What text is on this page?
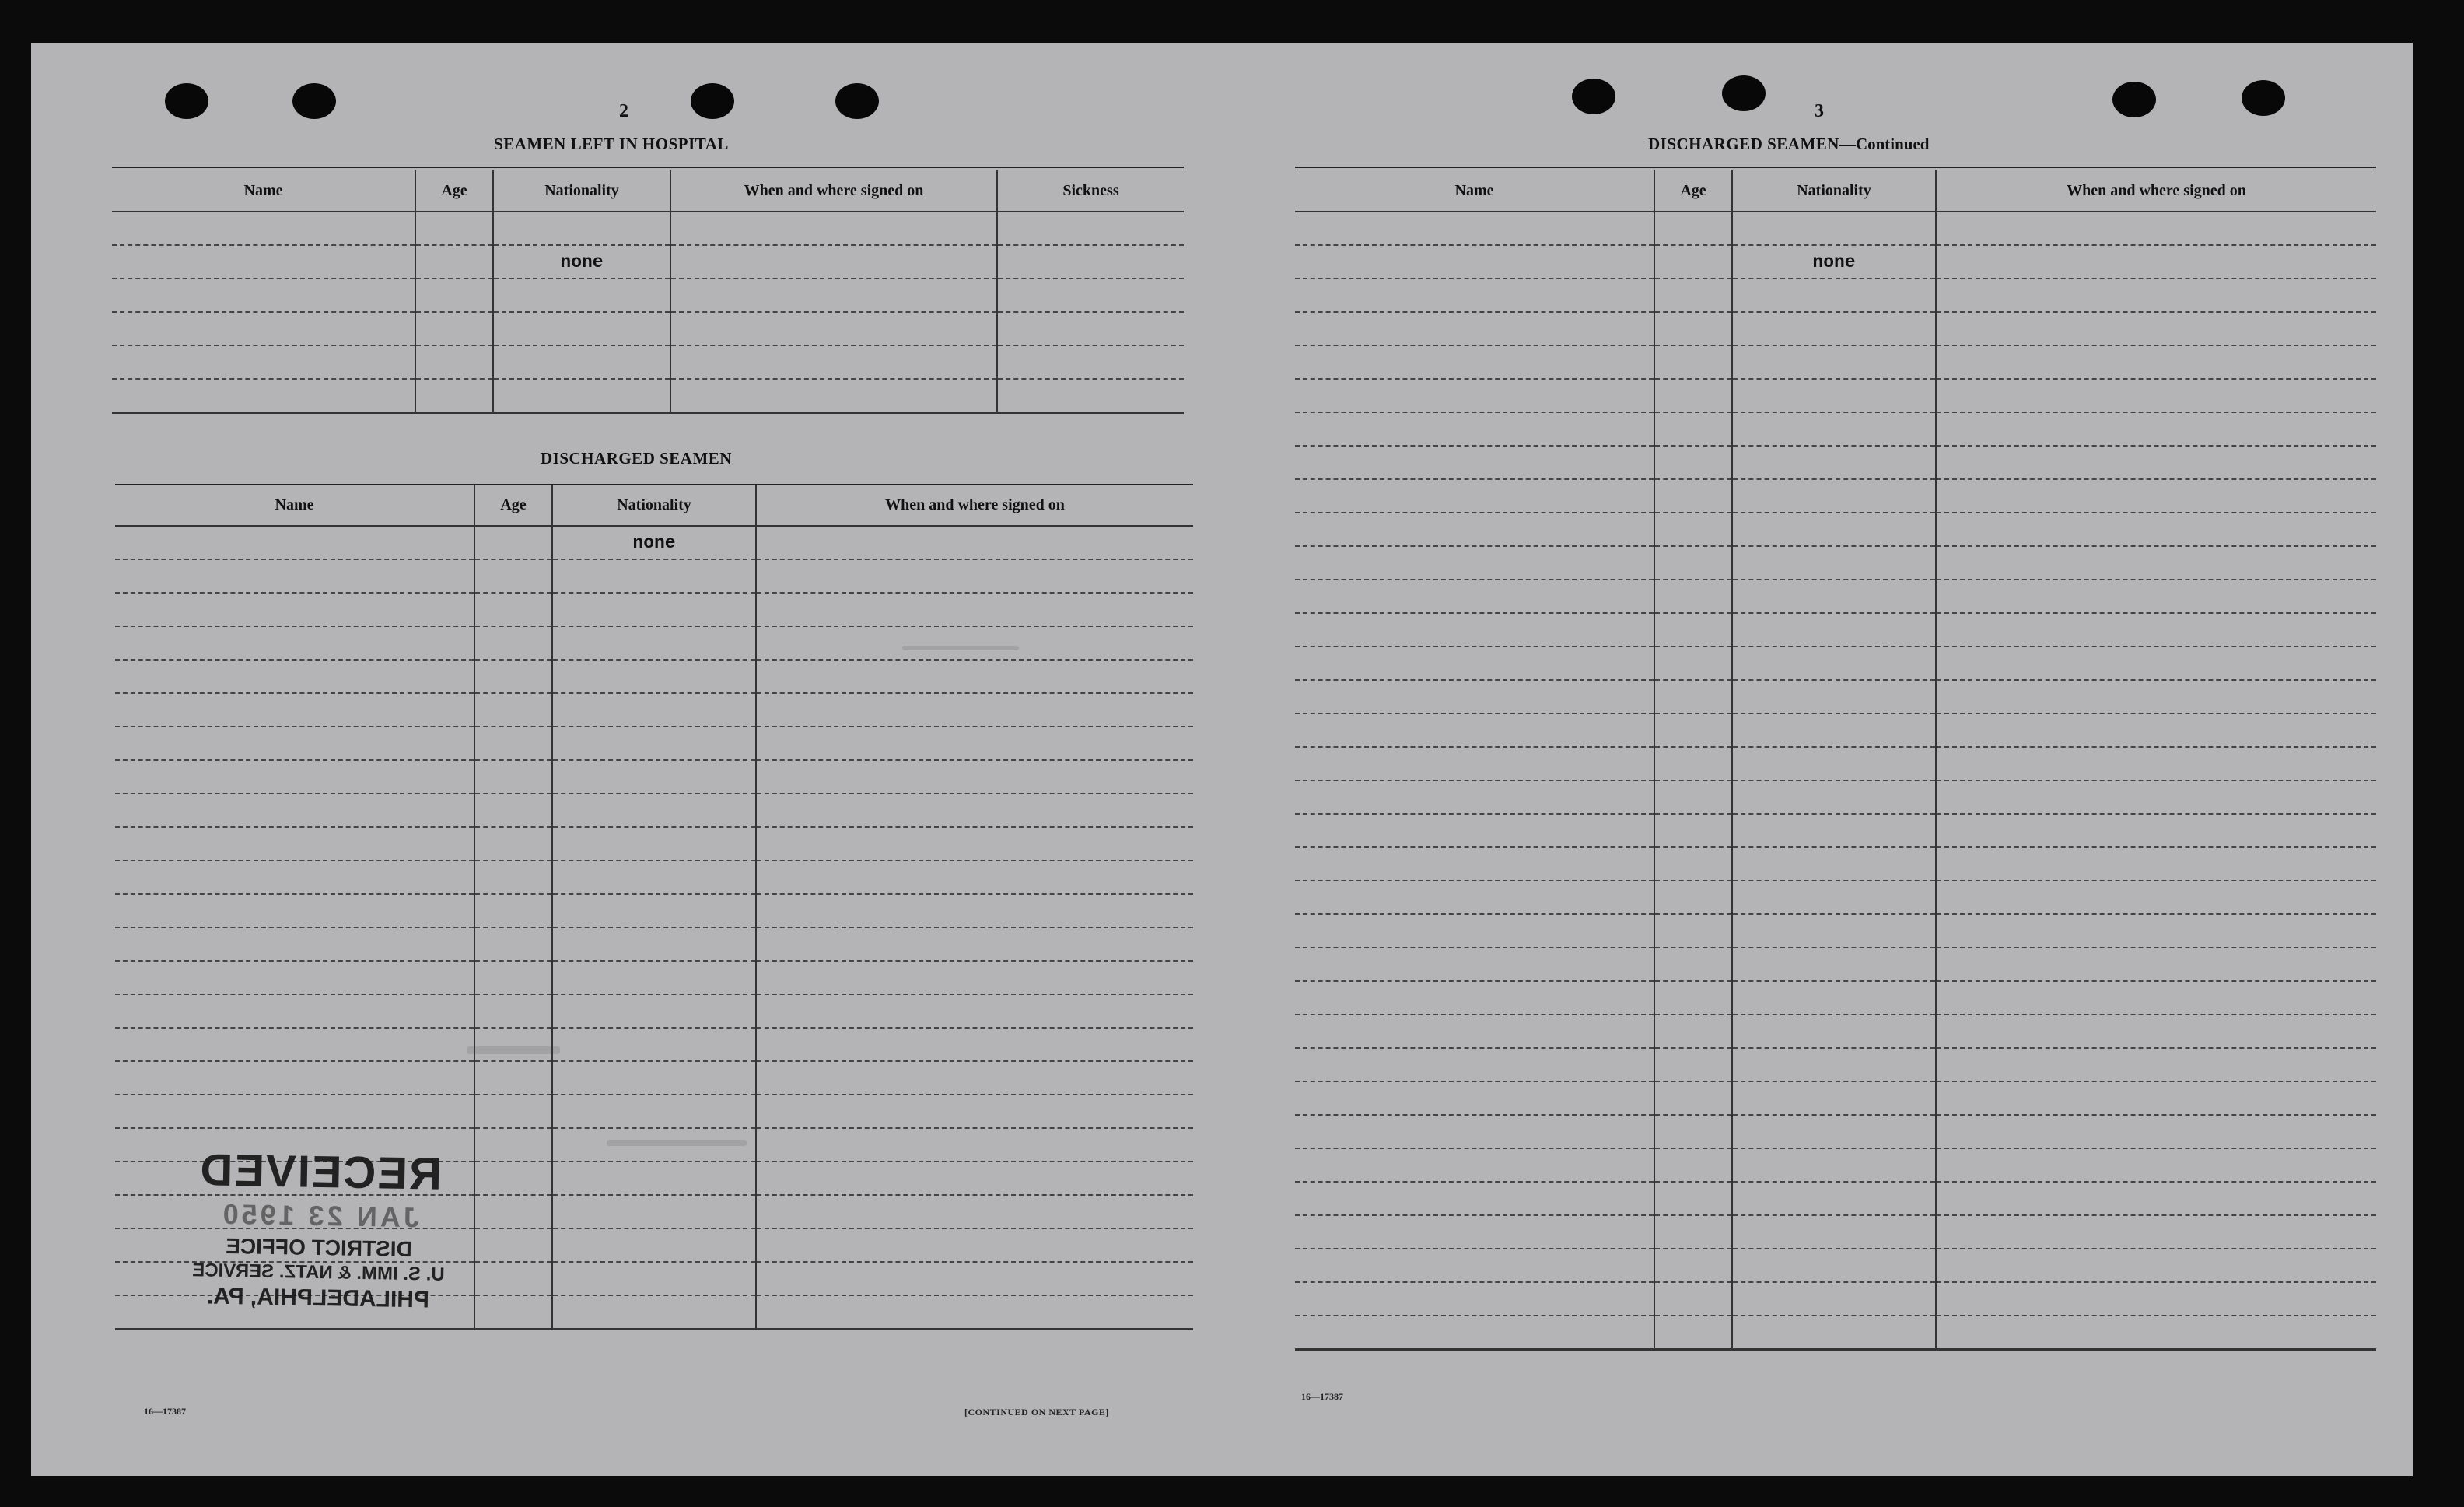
2
SEAMEN LEFT IN HOSPITAL
Name	Age	Nationality	When and where signed on	Sickness

		none		

DISCHARGED SEAMEN
Name	Age	Nationality	When and where signed on
		none	

16—17387	[CONTINUED ON NEXT PAGE]
RECEIVED
JAN 23 1950
DISTRICT OFFICE
U. S. IMM. & NATZ. SERVICE
PHILADELPHIA, PA.
3
DISCHARGED SEAMEN—Continued
Name	Age	Nationality	When and where signed on

		none	

16—17387
